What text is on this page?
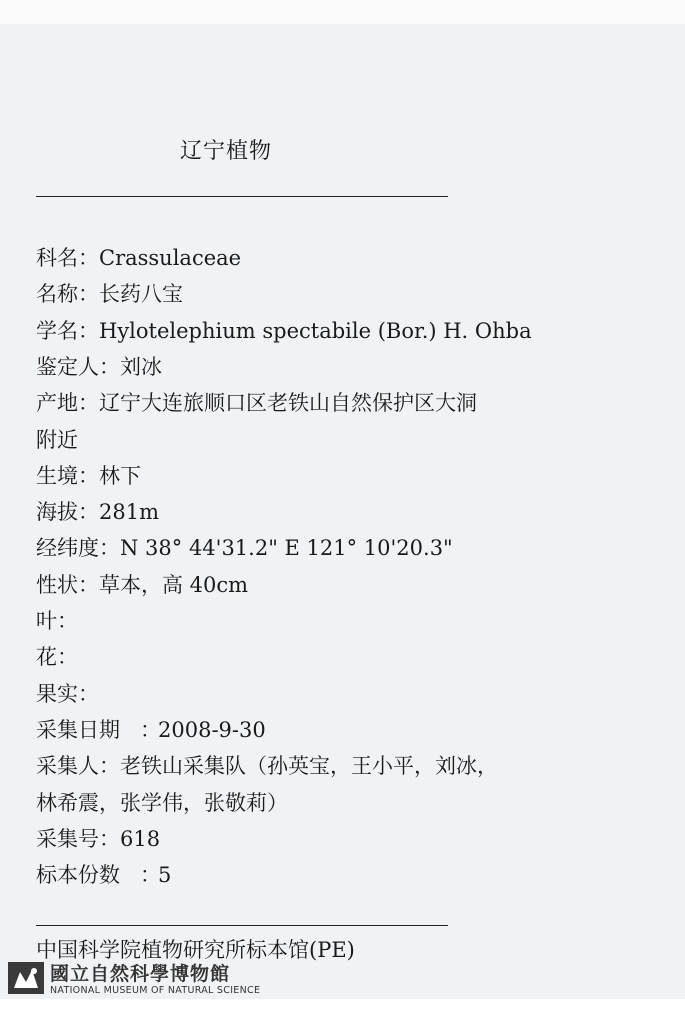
辽宁植物
科名： Crassulaceae
名称： 长药八宝
学名： Hylotelephium spectabile (Bor.) H. Ohba
鉴定人： 刘冰
产地： 辽宁大连旅顺口区老铁山自然保护区大洞
生境： 林下
海拔： 281m
经纬度： N 38° 44'31.2" E 121° 10'20.3"
性状： 草本，高 40cm
叶：
花：
果实：
采集日期 ：
2008-9-30
采集人： 老铁山采集队（孙英宝，王小平，刘冰，
采集号： 618
标本份数 ：
5
附近
林希震，张学伟，张敬莉）
中国科学院植物研究所标本馆(PE)
國立自然科學博物館
NATIONAL MUSEUM OF NATURAL SCIENCE
